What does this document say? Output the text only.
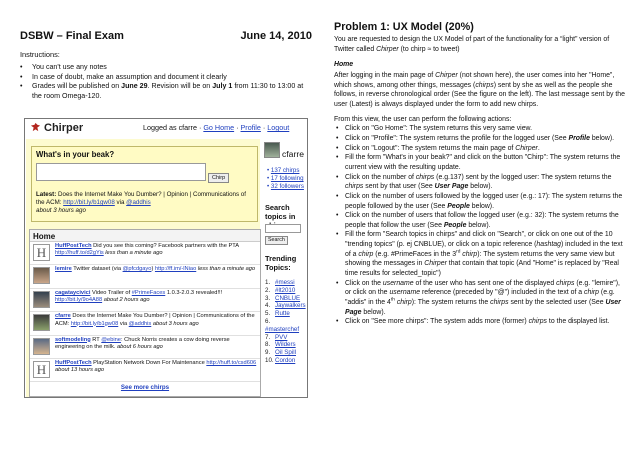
DSBW – Final Exam	June 14, 2010
Instructions:
•	You can't use any notes
•	In case of doubt, make an assumption and document it clearly
•	Grades will be published on June 29. Revision will be on July 1 from 11:30 to 13:00 at the room Omega-120.
Chirper	Logged as cfarre · Go Home · Profile · Logout
What's in your beak?
Chirp
Latest: Does the Internet Make You Dumber? | Opinion | Communications of the ACM: http://bit.ly/b1gw08 via @addhis
about 3 hours ago
Home
H	HuffPostTech Did you see this coming? Facebook partners with the PTA http://huff.to/d2gYis less than a minute ago
lemire Twitter dataset (via @pfcdgayo) http://ff.im/-lNiao less than a minute ago
cagataycivici Video Trailer of #PrimeFaces 1.0.3-2.0.3 revealed!!! http://bit.ly/9o4A88 about 2 hours ago
cfarre Does the Internet Make You Dumber? | Opinion | Communications of the ACM: http://bit.ly/b1gw08 via @addhis about 3 hours ago
softmodeling RT @ebine: Chuck Norris creates a cow doing reverse engineering on the milk. about 6 hours ago
H	HuffPostTech PlayStation Network Down For Maintenance http://huff.to/csd606 about 13 hours ago
See more chirps
cfarre
• 137 chirps
• 17 following
• 32 followers
Search topics in
Search
Trending Topics:
1. #messi
2. #lt2010
3. CNBLUE
4. Jaywalkers
5. Rutte
6.#masterchef
7. PVV
8. Wilders
9. Oil Spill
10.Cordon
Problem 1: UX Model (20%)
You are requested to design the UX Model of part of the functionality for a “light” version of Twitter called Chirper (to chirp ≈ to tweet)
Home
After logging in the main page of Chirper (not shown here), the user comes into her "Home", which shows, among other things, messages (chirps) sent by she as well as the people she follows, in reverse chronological order (See the figure on the left). The last message sent by the user (Latest) is always displayed under the form to add new chirps.
From this view, the user can perform the following actions:
• Click on "Go Home": The system returns this very same view.
• Click on "Profile": The system returns the profile for the logged user (See Profile below).
• Click on "Logout": The system returns the main page of Chirper.
• Fill the form "What's in your beak?" and click on the button "Chirp": The system returns the current view with the resulting update.
• Click on the number of chirps (e.g.137) sent by the logged user: The system returns the chirps sent by that user (See User Page below).
• Click on the number of users followed by the logged user (e.g.: 17): The system returns the people followed by the user (See People below).
• Click on the number of users that follow the logged user (e.g.: 32): The system returns the people that follow the user (See People below).
• Fill the form "Search topics in chirps" and click on "Search", or click on one out of the 10 "trending topics" (p. ej CNBLUE), or click on a topic reference (hashtag) included in the text of a chirp (e.g. #PrimeFaces in the 3rd chirp): The system returns the very same view but showing the messages in Chirper that contain that topic (And "Home" is replaced by "Real time results for selected_topic")
• Click on the username of the user who has sent one of the displayed chirps (e.g. "lemire"), or click on the username reference (preceded by "@") included in the text of a chirp (e.g. "addis" in the 4th chirp): The system returns the chirps sent by the selected user (See User Page below).
• Click on "See more chirps": The system adds more (former) chirps to the displayed list.
